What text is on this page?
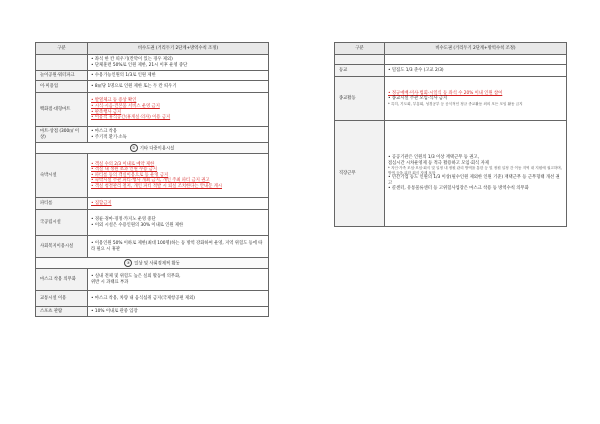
구분	비수도권 (거리두기 2단계+방역수칙 조정)

	• 좌석 한 칸 띄우기(칸막이 있는 경우 제외)
• 단체훈련 50%로 인원 제한, 21시 이후 운영 중단

놀이공원·워터파크	• 수용가능인원의 1/3로 인원 제한

이·미용업	• 8㎡당 1명으로 인원 제한 또는 두 칸 띄우기

백화점·대형마트	• 발열체크 등 증상 확인
• 시식·시음·견본품 서비스 운영 금지
• 판촉행사 금지
• 이용객 휴식공간(휴게실·의자) 이용 금지

마트·상점 (300㎡ 이상)	• 마스크 착용
• 주기적 환기·소독

② 기타 다중이용시설	
숙박시설	• 객실 수의 2/3 이내로 예약 제한
• 객실 내 정원 초과 인원 수용 금지
• 파티룸 등의 객실이용으로 등 운영 금지
• 숙박시설 주관 파티·행사 개최 금지, 개인 주최 파티 금지 권고
• 객실 청결관리 철저, 개인 파티 적발 시 퇴실 조치한다는 안내문 게시

파티룸	• 집합금지

국공립시설	• 경륜·경마·경정·카지노 운영 중단
• 이외 시설은 수용인원의 30% 이내로 인원 제한

사회복지이용시설	• 이용인원 50% 이하로 제한(최대 100명)하는 등 방역 강화하여 운영, 지역 위험도 등에 따라 필요 시 휴관

③ 일상 및 사회경제적 활동	
마스크 착용 의무화	• 실내 전체 및 위험도 높은 실외 활동에 의무화,
위반 시 과태료 부과

교통시설 이용	• 마스크 착용, 차량 내 음식섭취 금지(국제항공편 제외)

스포츠 관람	• 10% 이내로 관중 입장
구분	비수도권 (거리두기 2단계+방역수칙 조정)

등교	• 밀집도 1/3 준수 (고교 2/3)

종교활동	• 정규예배·미사·법회·시일식 등 좌석 수 20% 이내 인원 참여
• 종교시설 주관 모임·식사 금지
* 특히, 기도회, 부흥회, 성경공부 등 공식적인 정규 종교활동 외의 모든 모임 활동 금지

직장근무	• 공공기관은 인원의 1/3 이상 재택근무 등 권고,
점심시간 시차운영제 등 적극 활용하고 모임·회식 자제
* 지인·가족 모임·모임·회식 및 일정 내 정원 관리 방역을 통한 등 및 정원 일정 간 이동 지역 내 지원에 권고하며, 방역 등을 위한 회식 자제 포함
• 민간기업 등도 인원의 1/3 이상(필수인원 제외한 인원 기준) 재택근무 등 근무형태 개선 권고
• 콜센터, 유통물류센터 등 고위험사업장은 마스크 착용 등 방역수칙 의무화
